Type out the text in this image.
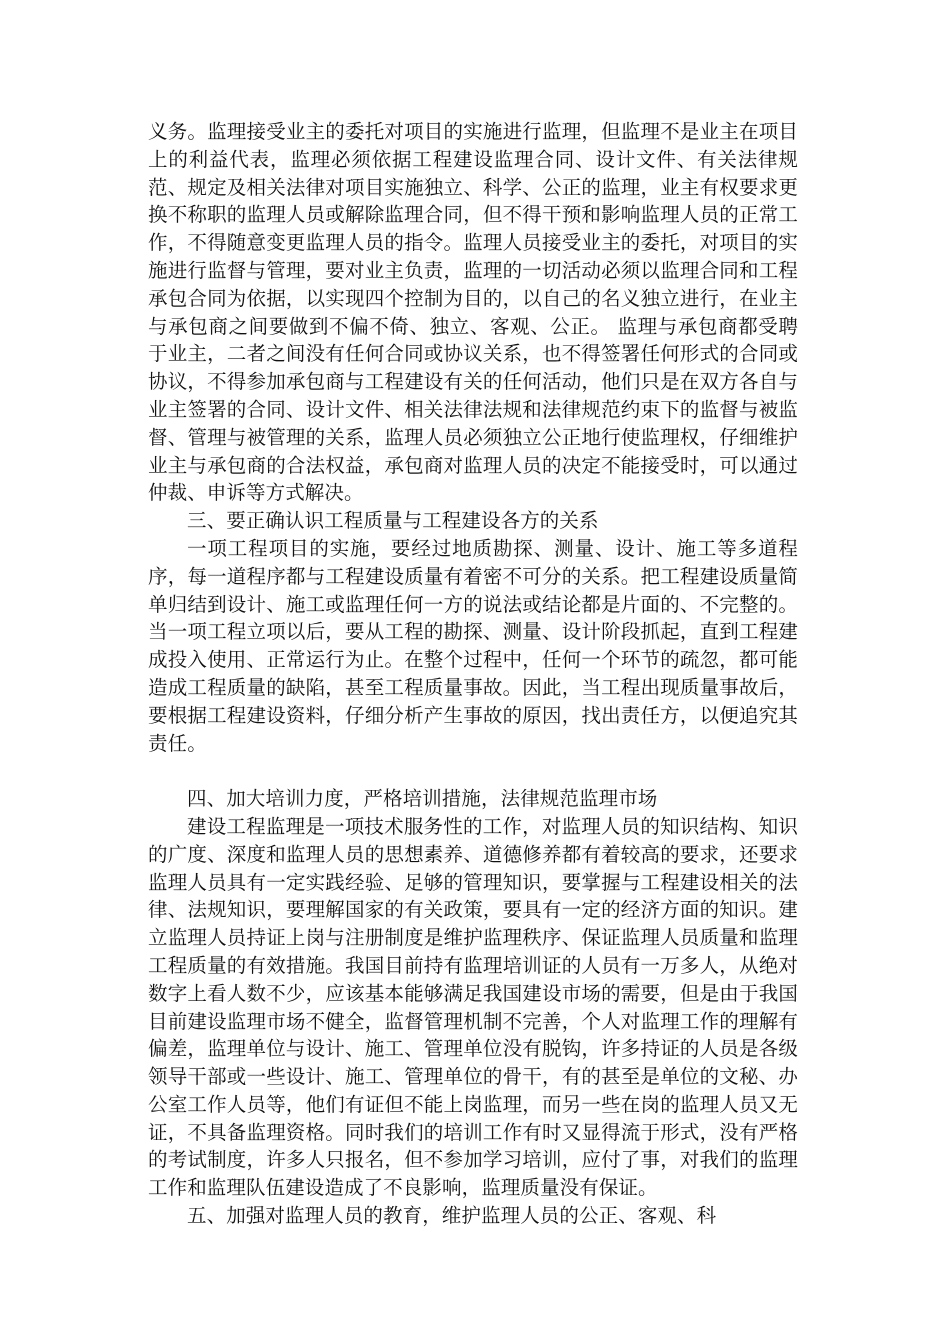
义务。监理接受业主的委托对项目的实施进行监理，但监理不是业主在项目上的利益代表，监理必须依据工程建设监理合同、设计文件、有关法律规范、规定及相关法律对项目实施独立、科学、公正的监理，业主有权要求更换不称职的监理人员或解除监理合同，但不得干预和影响监理人员的正常工作，不得随意变更监理人员的指令。监理人员接受业主的委托，对项目的实施进行监督与管理，要对业主负责，监理的一切活动必须以监理合同和工程承包合同为依据，以实现四个控制为目的，以自己的名义独立进行，在业主与承包商之间要做到不偏不倚、独立、客观、公正。 监理与承包商都受聘于业主，二者之间没有任何合同或协议关系，也不得签署任何形式的合同或协议，不得参加承包商与工程建设有关的任何活动，他们只是在双方各自与业主签署的合同、设计文件、相关法律法规和法律规范约束下的监督与被监督、管理与被管理的关系，监理人员必须独立公正地行使监理权，仔细维护业主与承包商的合法权益，承包商对监理人员的决定不能接受时，可以通过仲裁、申诉等方式解决。

三、要正确认识工程质量与工程建设各方的关系

一项工程项目的实施，要经过地质勘探、测量、设计、施工等多道程序，每一道程序都与工程建设质量有着密不可分的关系。把工程建设质量简单归结到设计、施工或监理任何一方的说法或结论都是片面的、不完整的。当一项工程立项以后，要从工程的勘探、测量、设计阶段抓起，直到工程建成投入使用、正常运行为止。在整个过程中，任何一个环节的疏忽，都可能造成工程质量的缺陷，甚至工程质量事故。因此，当工程出现质量事故后，要根据工程建设资料，仔细分析产生事故的原因，找出责任方，以便追究其责任。

四、加大培训力度，严格培训措施，法律规范监理市场

建设工程监理是一项技术服务性的工作，对监理人员的知识结构、知识的广度、深度和监理人员的思想素养、道德修养都有着较高的要求，还要求监理人员具有一定实践经验、足够的管理知识，要掌握与工程建设相关的法律、法规知识，要理解国家的有关政策，要具有一定的经济方面的知识。建立监理人员持证上岗与注册制度是维护监理秩序、保证监理人员质量和监理工程质量的有效措施。我国目前持有监理培训证的人员有一万多人，从绝对数字上看人数不少，应该基本能够满足我国建设市场的需要，但是由于我国目前建设监理市场不健全，监督管理机制不完善，个人对监理工作的理解有偏差，监理单位与设计、施工、管理单位没有脱钩，许多持证的人员是各级领导干部或一些设计、施工、管理单位的骨干，有的甚至是单位的文秘、办公室工作人员等，他们有证但不能上岗监理，而另一些在岗的监理人员又无证，不具备监理资格。同时我们的培训工作有时又显得流于形式，没有严格的考试制度，许多人只报名，但不参加学习培训，应付了事，对我们的监理工作和监理队伍建设造成了不良影响，监理质量没有保证。

五、加强对监理人员的教育，维护监理人员的公正、客观、科
